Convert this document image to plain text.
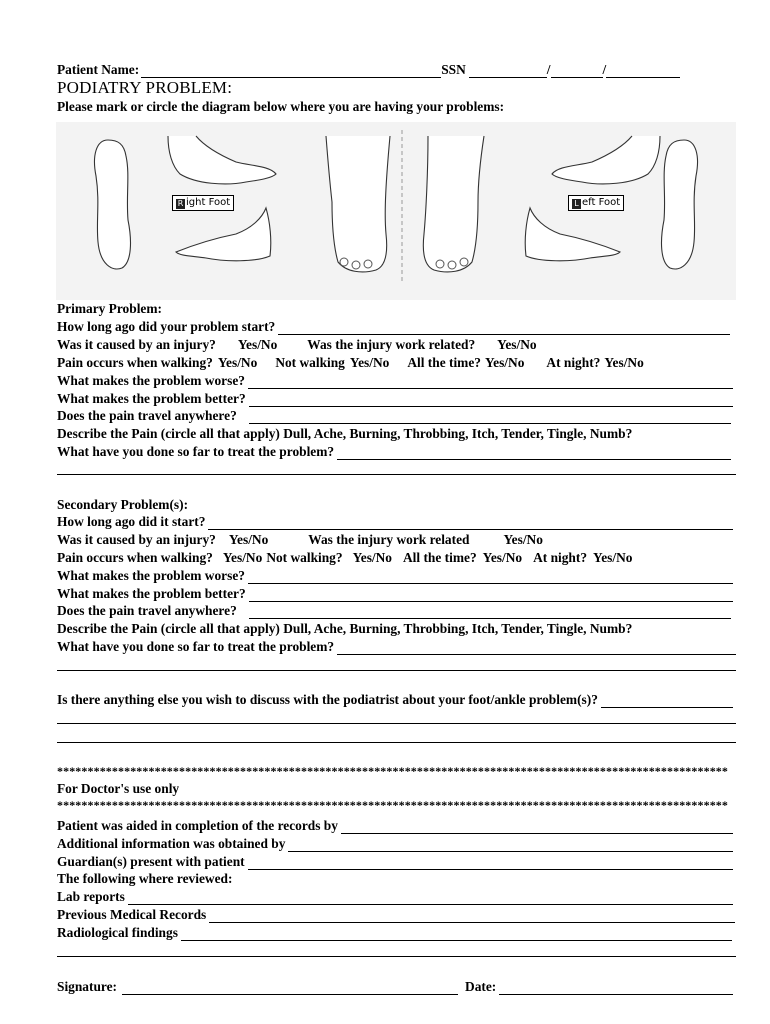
Patient Name:	SSN	/	/
PODIATRY PROBLEM:
Please mark or circle the diagram below where you are having your problems:
R ight Foot	L eft Foot
Primary Problem:
How long ago did your problem start?
Was it caused by an injury? Yes/No Was the injury work related? Yes/No
Pain occurs when walking? Yes/No Not walking Yes/No All the time? Yes/No At night? Yes/No
What makes the problem worse?
What makes the problem better?
Does the pain travel anywhere?
Describe the Pain (circle all that apply) Dull, Ache, Burning, Throbbing, Itch, Tender, Tingle, Numb?
What have you done so far to treat the problem?
Secondary Problem(s):
How long ago did it start?
Was it caused by an injury? Yes/No	Was the injury work related	Yes/No
Pain occurs when walking? Yes/No Not walking? Yes/No All the time? Yes/No At night? Yes/No
What makes the problem worse?
What makes the problem better?
Does the pain travel anywhere?
Describe the Pain (circle all that apply) Dull, Ache, Burning, Throbbing, Itch, Tender, Tingle, Numb?
What have you done so far to treat the problem?
Is there anything else you wish to discuss with the podiatrist about your foot/ankle problem(s)?
**************************************************************************************************************
For Doctor's use only
**************************************************************************************************************
Patient was aided in completion of the records by
Additional information was obtained by
Guardian(s) present with patient
The following where reviewed:
Lab reports
Previous Medical Records
Radiological findings
Signature:	Date:
